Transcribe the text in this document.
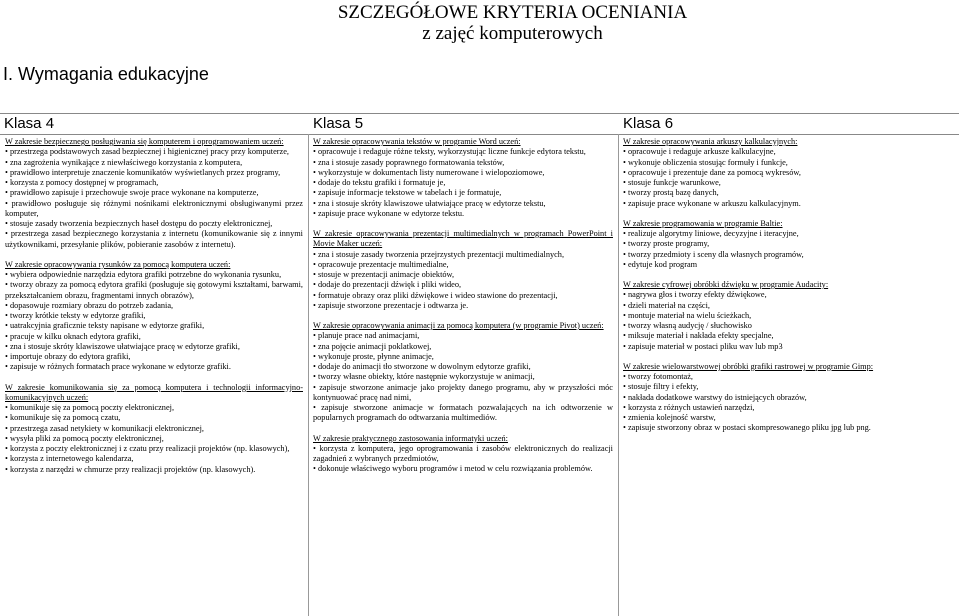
SZCZEGÓŁOWE KRYTERIA OCENIANIA
z zajęć komputerowych
I. Wymagania edukacyjne
Klasa 4	Klasa 5	Klasa 6
W zakresie bezpiecznego posługiwania się komputerem i oprogramowaniem uczeń:
• przestrzega podstawowych zasad bezpiecznej i higienicznej pracy przy komputerze,
• zna zagrożenia wynikające z niewłaściwego korzystania z komputera,
• prawidłowo interpretuje znaczenie komunikatów wyświetlanych przez programy,
• korzysta z pomocy dostępnej w programach,
• prawidłowo zapisuje i przechowuje swoje prace wykonane na komputerze,
• prawidłowo posługuje się różnymi nośnikami elektronicznymi obsługiwanymi przez komputer,
• stosuje zasady tworzenia bezpiecznych haseł dostępu do poczty elektronicznej,
• przestrzega zasad bezpiecznego korzystania z internetu (komunikowanie się z innymi użytkownikami, przesyłanie plików, pobieranie zasobów z internetu).
W zakresie opracowywania rysunków za pomocą komputera uczeń:
• wybiera odpowiednie narzędzia edytora grafiki potrzebne do wykonania rysunku,
• tworzy obrazy za pomocą edytora grafiki (posługuje się gotowymi kształtami, barwami, przekształcaniem obrazu, fragmentami innych obrazów),
• dopasowuje rozmiary obrazu do potrzeb zadania,
• tworzy krótkie teksty w edytorze grafiki,
• uatrakcyjnia graficznie teksty napisane w edytorze grafiki,
• pracuje w kilku oknach edytora grafiki,
• zna i stosuje skróty klawiszowe ułatwiające pracę w edytorze grafiki,
• importuje obrazy do edytora grafiki,
• zapisuje w różnych formatach prace wykonane w edytorze grafiki.
W zakresie komunikowania się za pomocą komputera i technologii informacyjno-komunikacyjnych uczeń:
• komunikuje się za pomocą poczty elektronicznej,
• komunikuje się za pomocą czatu,
• przestrzega zasad netykiety w komunikacji elektronicznej,
• wysyła pliki za pomocą poczty elektronicznej,
• korzysta z poczty elektronicznej i z czatu przy realizacji projektów (np. klasowych),
• korzysta z internetowego kalendarza,
• korzysta z narzędzi w chmurze przy realizacji projektów (np. klasowych).
W zakresie opracowywania tekstów w programie Word uczeń:
• opracowuje i redaguje różne teksty, wykorzystując liczne funkcje edytora tekstu,
• zna i stosuje zasady poprawnego formatowania tekstów,
• wykorzystuje w dokumentach listy numerowane i wielopoziomowe,
• dodaje do tekstu grafiki i formatuje je,
• zapisuje informacje tekstowe w tabelach i je formatuje,
• zna i stosuje skróty klawiszowe ułatwiające pracę w edytorze tekstu,
• zapisuje prace wykonane w edytorze tekstu.
W zakresie opracowywania prezentacji multimedialnych w programach PowerPoint i Movie Maker uczeń:
• zna i stosuje zasady tworzenia przejrzystych prezentacji multimedialnych,
• opracowuje prezentacje multimedialne,
• stosuje w prezentacji animacje obiektów,
• dodaje do prezentacji dźwięk i pliki wideo,
• formatuje obrazy oraz pliki dźwiękowe i wideo stawione do prezentacji,
• zapisuje stworzone prezentacje i odtwarza je.
W zakresie opracowywania animacji za pomocą komputera (w programie Pivot) uczeń:
• planuje prace nad animacjami,
• zna pojęcie animacji poklatkowej,
• wykonuje proste, płynne animacje,
• dodaje do animacji tło stworzone w dowolnym edytorze grafiki,
• tworzy własne obiekty, które następnie wykorzystuje w animacji,
• zapisuje stworzone animacje jako projekty danego programu, aby w przyszłości móc kontynuować pracę nad nimi,
• zapisuje stworzone animacje w formatach pozwalających na ich odtworzenie w popularnych programach do odtwarzania multimediów.
W zakresie praktycznego zastosowania informatyki uczeń:
• korzysta z komputera, jego oprogramowania i zasobów elektronicznych do realizacji zagadnień z wybranych przedmiotów,
• dokonuje właściwego wyboru programów i metod w celu rozwiązania problemów.
W zakresie opracowywania arkuszy kalkulacyjnych:
• opracowuje i redaguje arkusze kalkulacyjne,
• wykonuje obliczenia stosując formuły i funkcje,
• opracowuje i prezentuje dane za pomocą wykresów,
• stosuje funkcje warunkowe,
• tworzy prostą bazę danych,
• zapisuje prace wykonane w arkuszu kalkulacyjnym.
W zakresie programowania w programie Baltie:
• realizuje algorytmy liniowe, decyzyjne i iteracyjne,
• tworzy proste programy,
• tworzy przedmioty i sceny dla własnych programów,
• edytuje kod program
W zakresie cyfrowej obróbki dźwięku w programie Audacity:
• nagrywa głos i tworzy efekty dźwiękowe,
• dzieli materiał na części,
• montuje materiał na wielu ścieżkach,
• tworzy własną audycję / słuchowisko
• miksuje materiał i nakłada efekty specjalne,
• zapisuje materiał w postaci pliku wav lub mp3
W zakresie wielowarstwowej obróbki grafiki rastrowej w programie Gimp:
• tworzy fotomontaż,
• stosuje filtry i efekty,
• nakłada dodatkowe warstwy do istniejących obrazów,
• korzysta z różnych ustawień narzędzi,
• zmienia kolejność warstw,
• zapisuje stworzony obraz w postaci skompresowanego pliku jpg lub png.
